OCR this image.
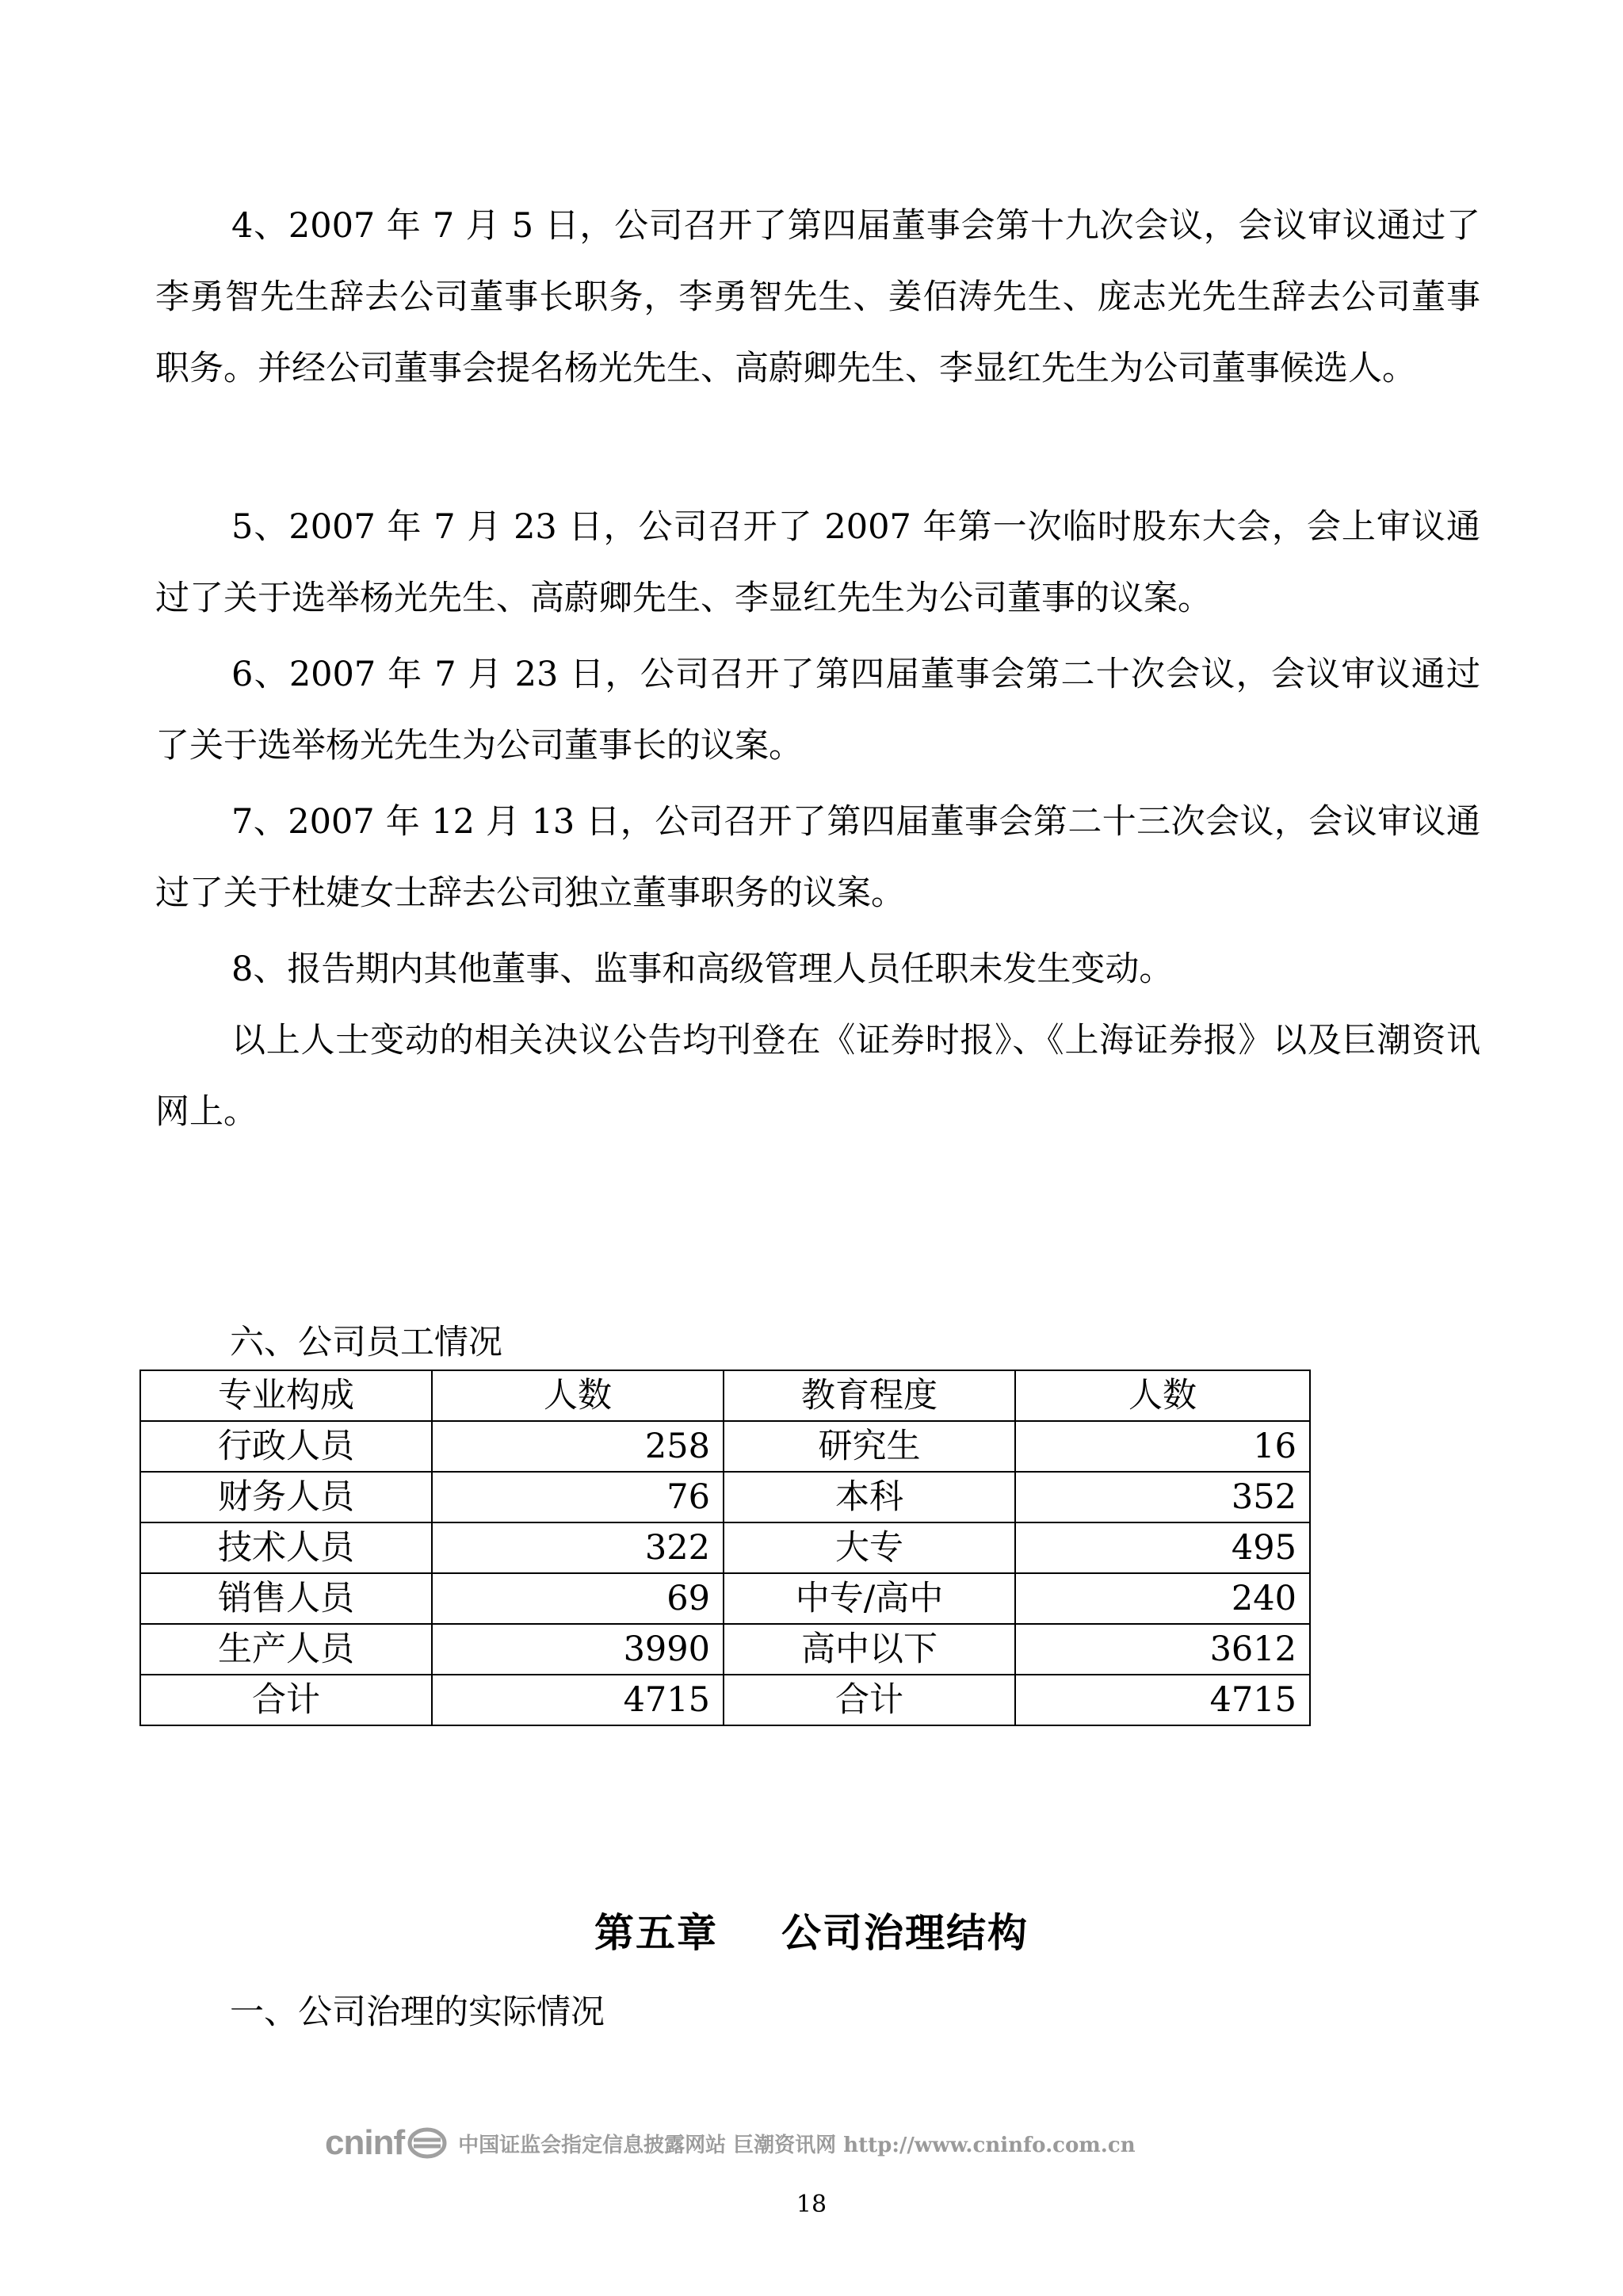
4、2007 年 7 月 5 日，公司召开了第四届董事会第十九次会议，会议审议通过了李勇智先生辞去公司董事长职务，李勇智先生、姜佰涛先生、庞志光先生辞去公司董事职务。并经公司董事会提名杨光先生、高蔚卿先生、李显红先生为公司董事候选人。

5、2007 年 7 月 23 日，公司召开了 2007 年第一次临时股东大会，会上审议通过了关于选举杨光先生、高蔚卿先生、李显红先生为公司董事的议案。

6、2007 年 7 月 23 日，公司召开了第四届董事会第二十次会议，会议审议通过了关于选举杨光先生为公司董事长的议案。

7、2007 年 12 月 13 日，公司召开了第四届董事会第二十三次会议，会议审议通过了关于杜婕女士辞去公司独立董事职务的议案。

8、报告期内其他董事、监事和高级管理人员任职未发生变动。

以上人士变动的相关决议公告均刊登在《证券时报》、《上海证券报》以及巨潮资讯网上。

六、公司员工情况

专业构成	人数	教育程度	人数
行政人员	258	研究生	16
财务人员	76	本科	352
技术人员	322	大专	495
销售人员	69	中专/高中	240
生产人员	3990	高中以下	3612
合计	4715	合计	4715
第五章 公司治理结构

一、公司治理的实际情况

cninf	中国证监会指定信息披露网站 巨潮资讯网 http://www.cninfo.com.cn

18
